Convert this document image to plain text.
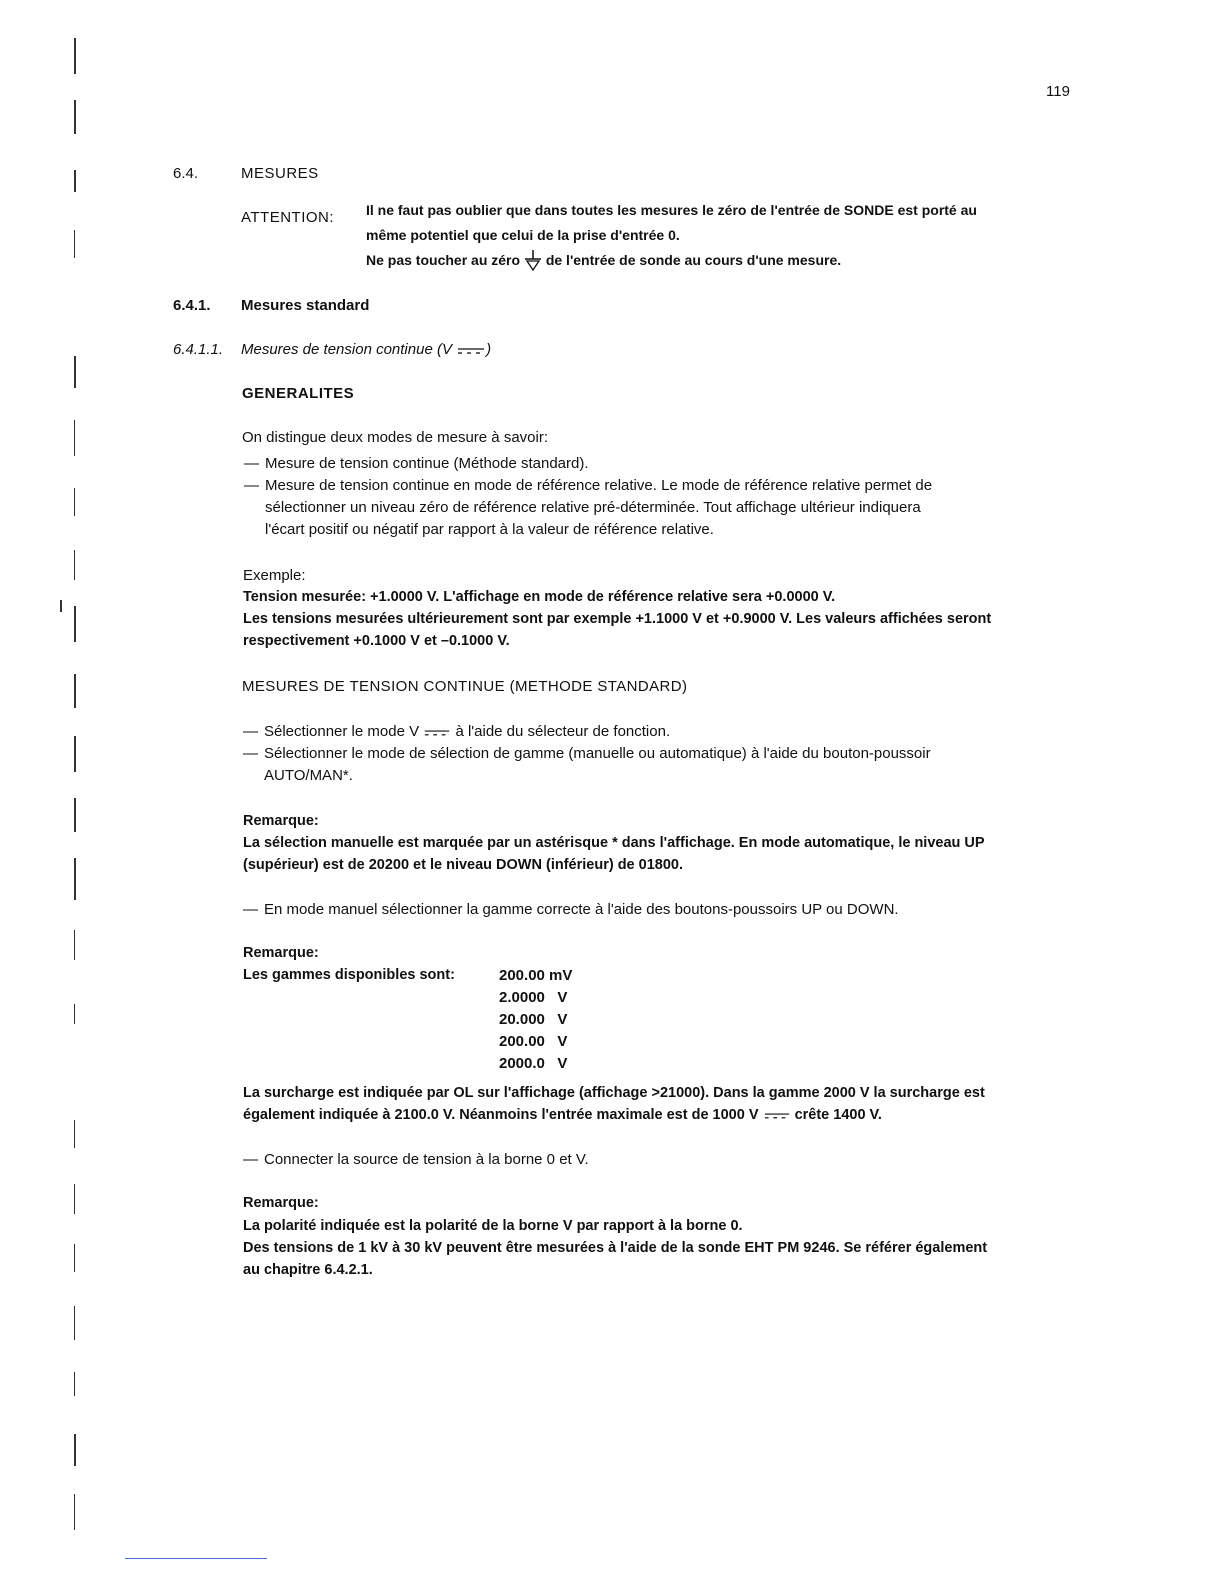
119
6.4.	MESURES
ATTENTION: Il ne faut pas oublier que dans toutes les mesures le zéro de l'entrée de SONDE est porté au
même potentiel que celui de la prise d'entrée 0.
Ne pas toucher au zéro de l'entrée de sonde au cours d'une mesure.
6.4.1. Mesures standard
6.4.1.1. Mesures de tension continue (V )
GENERALITES
On distingue deux modes de mesure à savoir:
— Mesure de tension continue (Méthode standard).
— Mesure de tension continue en mode de référence relative. Le mode de référence relative permet de
sélectionner un niveau zéro de référence relative pré-déterminée. Tout affichage ultérieur indiquera
l'écart positif ou négatif par rapport à la valeur de référence relative.
Exemple:
Tension mesurée: +1.0000 V. L'affichage en mode de référence relative sera +0.0000 V.
Les tensions mesurées ultérieurement sont par exemple +1.1000 V et +0.9000 V. Les valeurs affichées seront
respectivement +0.1000 V et –0.1000 V.
MESURES DE TENSION CONTINUE (METHODE STANDARD)
— Sélectionner le mode V à l'aide du sélecteur de fonction.
— Sélectionner le mode de sélection de gamme (manuelle ou automatique) à l'aide du bouton-poussoir
AUTO/MAN*.
Remarque:
La sélection manuelle est marquée par un astérisque * dans l'affichage. En mode automatique, le niveau UP
(supérieur) est de 20200 et le niveau DOWN (inférieur) de 01800.
— En mode manuel sélectionner la gamme correcte à l'aide des boutons-poussoirs UP ou DOWN.
Remarque:
Les gammes disponibles sont:	200.00 mV
2.0000   V
20.000   V
200.00   V
2000.0   V
La surcharge est indiquée par OL sur l'affichage (affichage >21000). Dans la gamme 2000 V la surcharge est
également indiquée à 2100.0 V. Néanmoins l'entrée maximale est de 1000 V crête 1400 V.
— Connecter la source de tension à la borne 0 et V.
Remarque:
La polarité indiquée est la polarité de la borne V par rapport à la borne 0.
Des tensions de 1 kV à 30 kV peuvent être mesurées à l'aide de la sonde EHT PM 9246. Se référer également
au chapitre 6.4.2.1.
